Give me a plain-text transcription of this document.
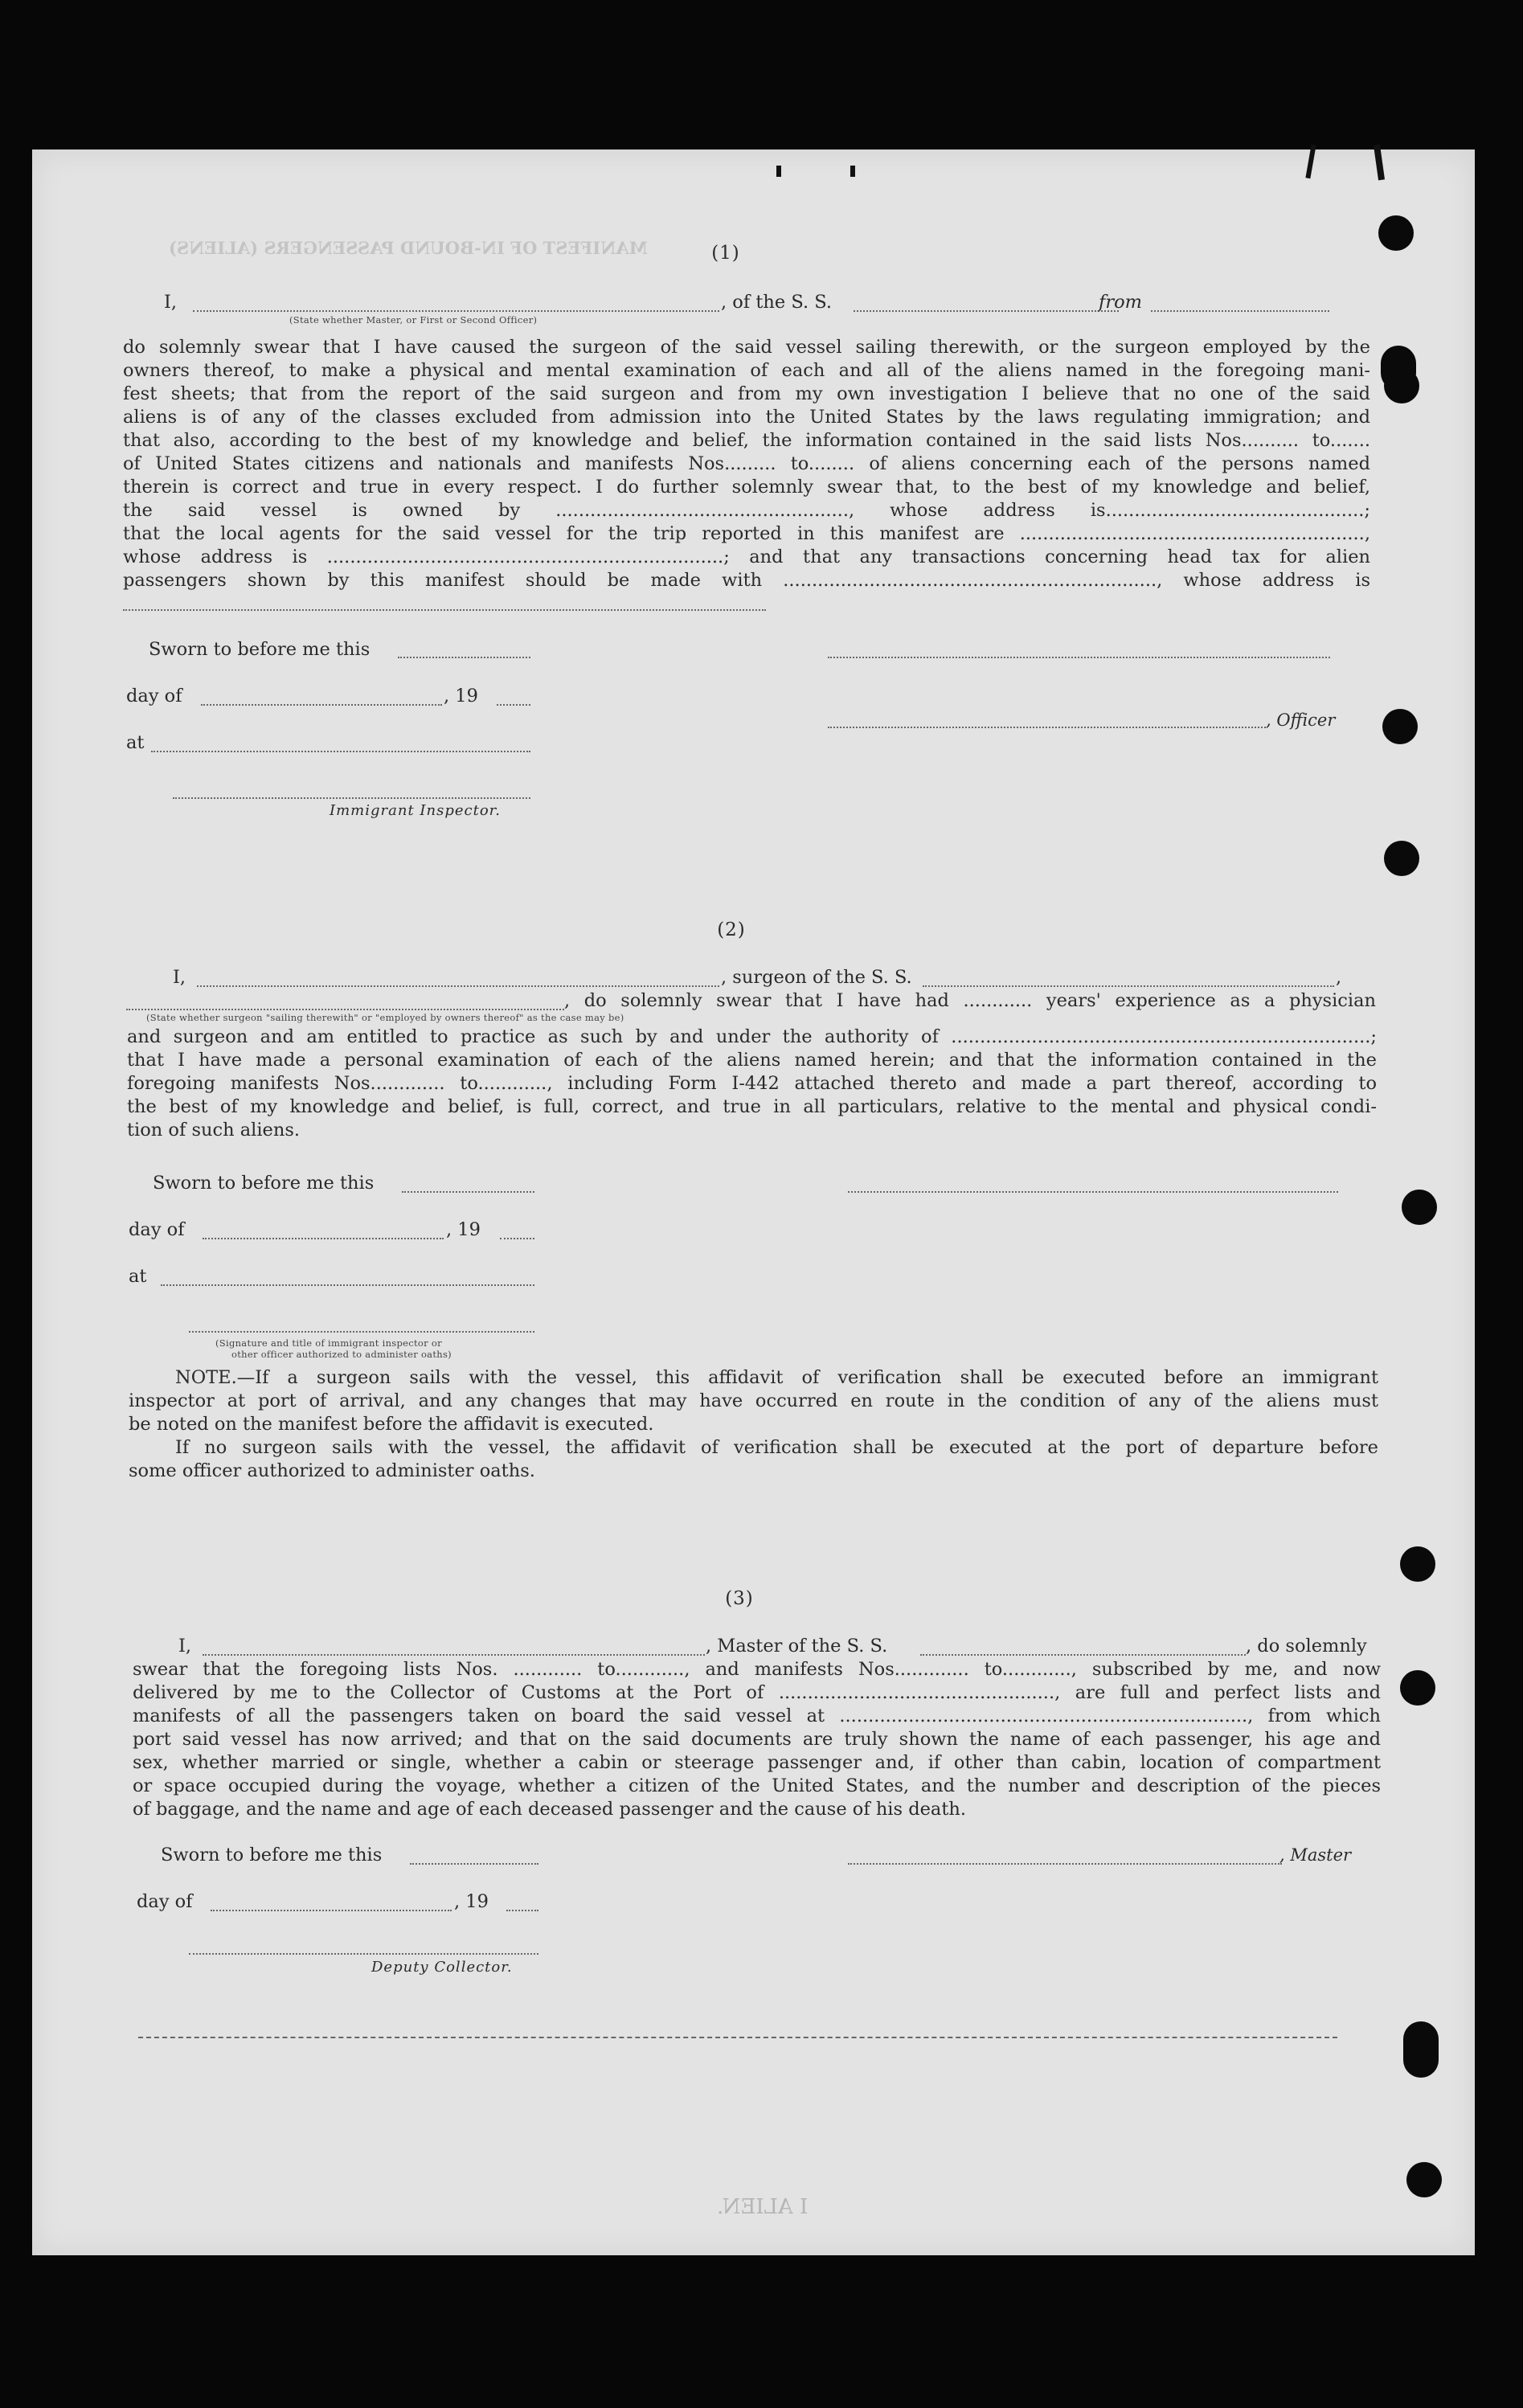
MANIFEST OF IN-BOUND PASSENGERS (ALIENS)	(1)
I,	, of the S. S.	from
(State whether Master, or First or Second Officer)
do solemnly swear that I have caused the surgeon of the said vessel sailing therewith, or the surgeon employed by the
owners thereof, to make a physical and mental examination of each and all of the aliens named in the foregoing mani-
fest sheets; that from the report of the said surgeon and from my own investigation I believe that no one of the said
aliens is of any of the classes excluded from admission into the United States by the laws regulating immigration; and
that also, according to the best of my knowledge and belief, the information contained in the said lists Nos.......... to.......
of United States citizens and nationals and manifests Nos......... to........ of aliens concerning each of the persons named
therein is correct and true in every respect. I do further solemnly swear that, to the best of my knowledge and belief,
the said vessel is owned by ..................................................., whose address is.............................................;
that the local agents for the said vessel for the trip reported in this manifest are ............................................................,
whose address is .....................................................................; and that any transactions concerning head tax for alien
passengers shown by this manifest should be made with ................................................................., whose address is
Sworn to before me this
day of	, 19
, Officer
at
Immigrant Inspector.
(2)
I,	, surgeon of the S. S.	,
, do solemnly swear that I have had ............ years' experience as a physician
(State whether surgeon "sailing therewith" or "employed by owners thereof" as the case may be)
and surgeon and am entitled to practice as such by and under the authority of .........................................................................;
that I have made a personal examination of each of the aliens named herein; and that the information contained in the
foregoing manifests Nos............. to............, including Form I-442 attached thereto and made a part thereof, according to
the best of my knowledge and belief, is full, correct, and true in all particulars, relative to the mental and physical condi-
tion of such aliens.
Sworn to before me this
day of	, 19
at
(Signature and title of immigrant inspector or
other officer authorized to administer oaths)
NOTE.—If a surgeon sails with the vessel, this affidavit of verification shall be executed before an immigrant
inspector at port of arrival, and any changes that may have occurred en route in the condition of any of the aliens must
be noted on the manifest before the affidavit is executed.
If no surgeon sails with the vessel, the affidavit of verification shall be executed at the port of departure before
some officer authorized to administer oaths.
(3)
I,	, Master of the S. S.	, do solemnly
swear that the foregoing lists Nos. ............ to............, and manifests Nos............. to............, subscribed by me, and now
delivered by me to the Collector of Customs at the Port of ................................................, are full and perfect lists and
manifests of all the passengers taken on board the said vessel at ......................................................................., from which
port said vessel has now arrived; and that on the said documents are truly shown the name of each passenger, his age and
sex, whether married or single, whether a cabin or steerage passenger and, if other than cabin, location of compartment
or space occupied during the voyage, whether a citizen of the United States, and the number and description of the pieces
of baggage, and the name and age of each deceased passenger and the cause of his death.
Sworn to before me this	, Master
day of	, 19
Deputy Collector.
I ALIEN.
